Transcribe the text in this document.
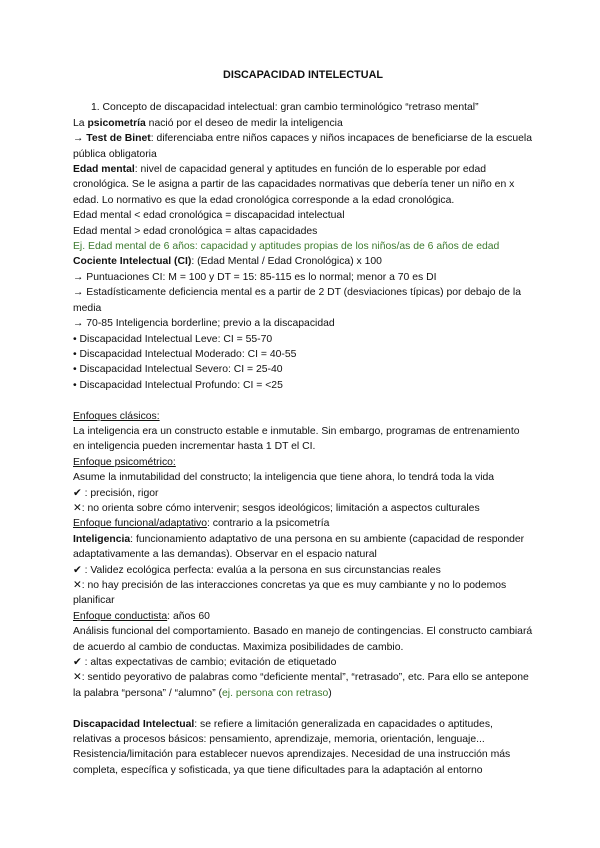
DISCAPACIDAD INTELECTUAL
1. Concepto de discapacidad intelectual: gran cambio terminológico “retraso mental”
La psicometría nació por el deseo de medir la inteligencia
→ Test de Binet: diferenciaba entre niños capaces y niños incapaces de beneficiarse de la escuela pública obligatoria
Edad mental: nivel de capacidad general y aptitudes en función de lo esperable por edad cronológica. Se le asigna a partir de las capacidades normativas que debería tener un niño en x edad. Lo normativo es que la edad cronológica corresponde a la edad cronológica.
Edad mental < edad cronológica = discapacidad intelectual
Edad mental > edad cronológica = altas capacidades
Ej. Edad mental de 6 años: capacidad y aptitudes propias de los niños/as de 6 años de edad
Cociente Intelectual (CI): (Edad Mental / Edad Cronológica) x 100
→ Puntuaciones CI: M = 100 y DT = 15: 85-115 es lo normal; menor a 70 es DI
→ Estadísticamente deficiencia mental es a partir de 2 DT (desviaciones típicas) por debajo de la media
→ 70-85 Inteligencia borderline; previo a la discapacidad
• Discapacidad Intelectual Leve: CI = 55-70
• Discapacidad Intelectual Moderado: CI = 40-55
• Discapacidad Intelectual Severo: CI = 25-40
• Discapacidad Intelectual Profundo: CI = <25
Enfoques clásicos:
La inteligencia era un constructo estable e inmutable. Sin embargo, programas de entrenamiento en inteligencia pueden incrementar hasta 1 DT el CI.
Enfoque psicométrico:
Asume la inmutabilidad del constructo; la inteligencia que tiene ahora, lo tendrá toda la vida
✔ : precisión, rigor
✕: no orienta sobre cómo intervenir; sesgos ideológicos; limitación a aspectos culturales
Enfoque funcional/adaptativo: contrario a la psicometría
Inteligencia: funcionamiento adaptativo de una persona en su ambiente (capacidad de responder adaptativamente a las demandas). Observar en el espacio natural
✔ : Validez ecológica perfecta: evalúa a la persona en sus circunstancias reales
✕: no hay precisión de las interacciones concretas ya que es muy cambiante y no lo podemos planificar
Enfoque conductista: años 60
Análisis funcional del comportamiento. Basado en manejo de contingencias. El constructo cambiará de acuerdo al cambio de conductas. Maximiza posibilidades de cambio.
✔ : altas expectativas de cambio; evitación de etiquetado
✕: sentido peyorativo de palabras como “deficiente mental”, “retrasado”, etc. Para ello se antepone la palabra “persona” / “alumno” (ej. persona con retraso)
Discapacidad Intelectual: se refiere a limitación generalizada en capacidades o aptitudes, relativas a procesos básicos: pensamiento, aprendizaje, memoria, orientación, lenguaje... Resistencia/limitación para establecer nuevos aprendizajes. Necesidad de una instrucción más completa, específica y sofisticada, ya que tiene dificultades para la adaptación al entorno
